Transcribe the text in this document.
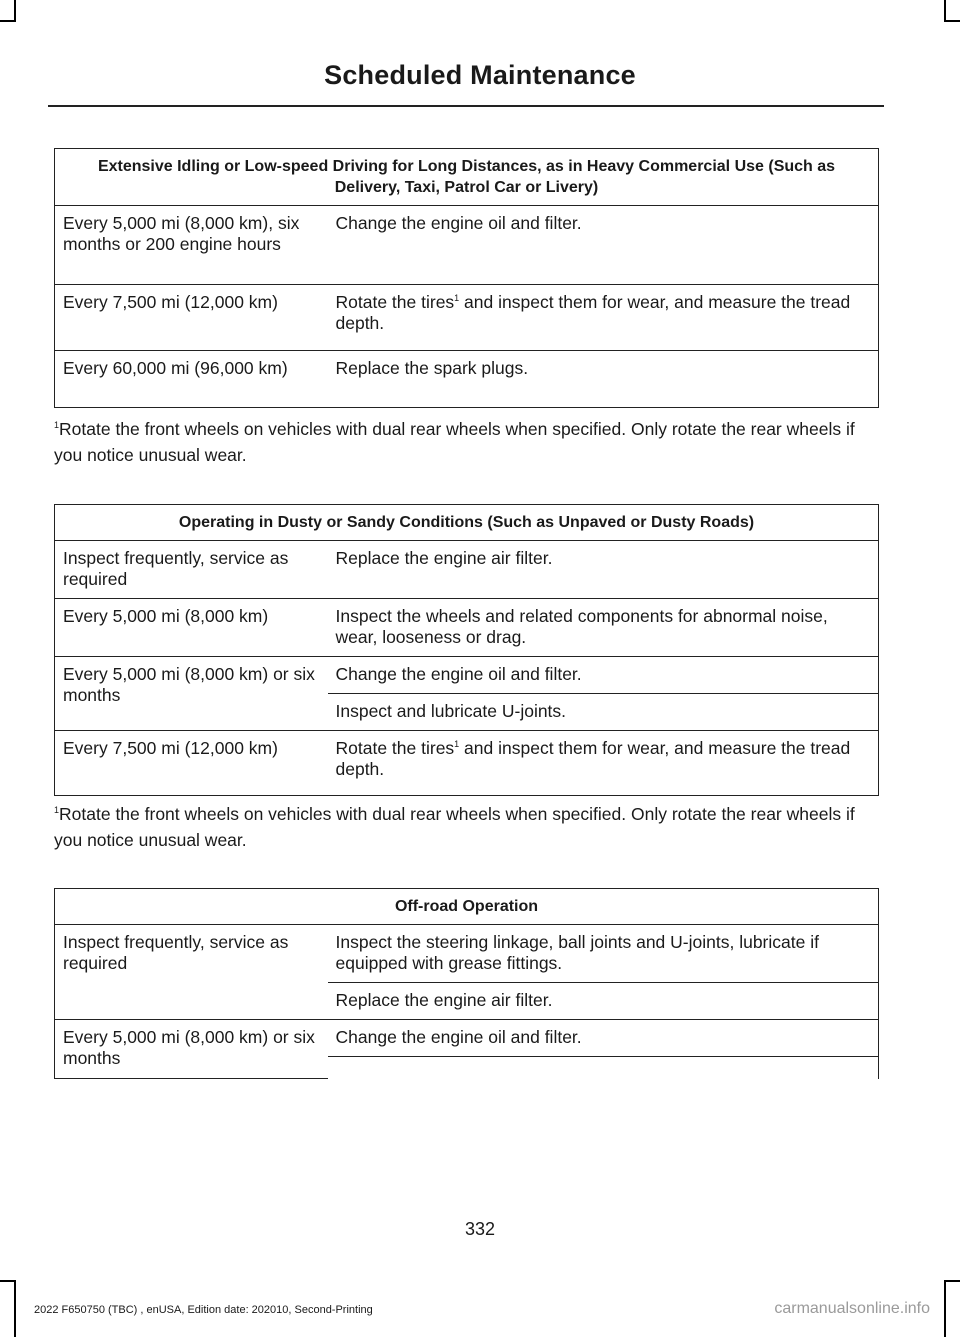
Scheduled Maintenance
Extensive Idling or Low-speed Driving for Long Distances, as in Heavy Commercial Use (Such as Delivery, Taxi, Patrol Car or Livery)	
Every 5,000 mi (8,000 km), six months or 200 engine hours	Change the engine oil and filter.
Every 7,500 mi (12,000 km)	Rotate the tires$^1$ and inspect them for wear, and measure the tread depth.
Every 60,000 mi (96,000 km)	Replace the spark plugs.
$^1$Rotate the front wheels on vehicles with dual rear wheels when specified. Only rotate the rear wheels if you notice unusual wear.
Operating in Dusty or Sandy Conditions (Such as Unpaved or Dusty Roads)	
Inspect frequently, service as required	Replace the engine air filter.
Every 5,000 mi (8,000 km)	Inspect the wheels and related components for abnormal noise, wear, looseness or drag.
Every 5,000 mi (8,000 km) or six months	Change the engine oil and filter.
	Inspect and lubricate U-joints.
Every 7,500 mi (12,000 km)	Rotate the tires$^1$ and inspect them for wear, and measure the tread depth.
$^1$Rotate the front wheels on vehicles with dual rear wheels when specified. Only rotate the rear wheels if you notice unusual wear.
Off-road Operation	
Inspect frequently, service as required	Inspect the steering linkage, ball joints and U-joints, lubricate if equipped with grease fittings.
	Replace the engine air filter.
Every 5,000 mi (8,000 km) or six months	Change the engine oil and filter.

332
2022 F650750 (TBC) , enUSA, Edition date: 202010, Second-Printing	carmanualsonline.info
